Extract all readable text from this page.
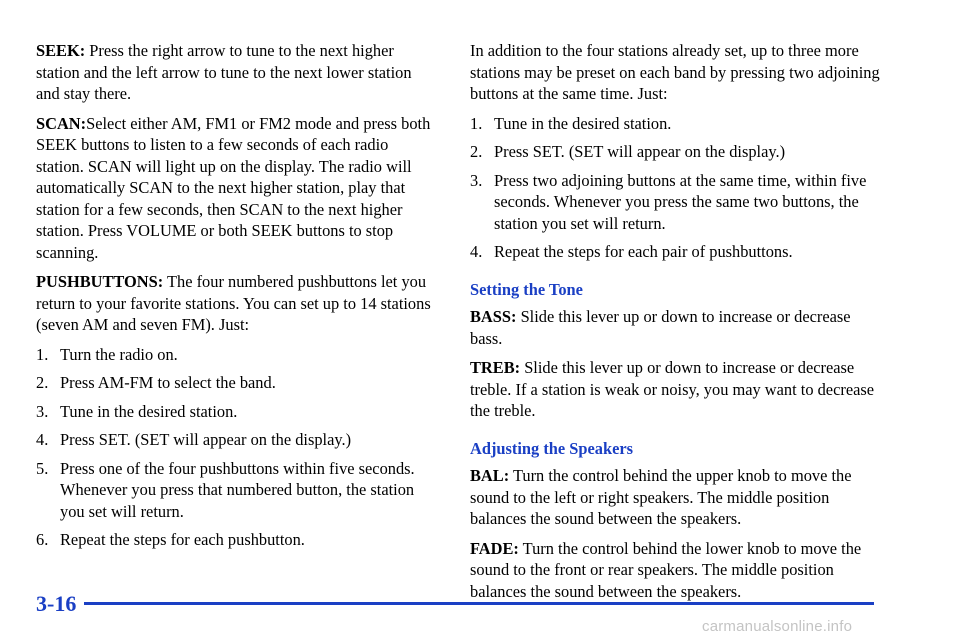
SEEK: Press the right arrow to tune to the next higher station and the left arrow to tune to the next lower station and stay there.

SCAN:Select either AM, FM1 or FM2 mode and press both SEEK buttons to listen to a few seconds of each radio station. SCAN will light up on the display. The radio will automatically SCAN to the next higher station, play that station for a few seconds, then SCAN to the next higher station. Press VOLUME or both SEEK buttons to stop scanning.

PUSHBUTTONS: The four numbered pushbuttons let you return to your favorite stations. You can set up to 14 stations (seven AM and seven FM). Just:

1. Turn the radio on.
2. Press AM‐FM to select the band.
3. Tune in the desired station.
4. Press SET. (SET will appear on the display.)
5. Press one of the four pushbuttons within five seconds. Whenever you press that numbered button, the station you set will return.
6. Repeat the steps for each pushbutton.

In addition to the four stations already set, up to three more stations may be preset on each band by pressing two adjoining buttons at the same time. Just:

1. Tune in the desired station.
2. Press SET. (SET will appear on the display.)
3. Press two adjoining buttons at the same time, within five seconds. Whenever you press the same two buttons, the station you set will return.
4. Repeat the steps for each pair of pushbuttons.
Setting the Tone

BASS: Slide this lever up or down to increase or decrease bass.

TREB: Slide this lever up or down to increase or decrease treble. If a station is weak or noisy, you may want to decrease the treble.

Adjusting the Speakers

BAL: Turn the control behind the upper knob to move the sound to the left or right speakers. The middle position balances the sound between the speakers.

FADE: Turn the control behind the lower knob to move the sound to the front or rear speakers. The middle position balances the sound between the speakers.

3-16
carmanualsonline.info
